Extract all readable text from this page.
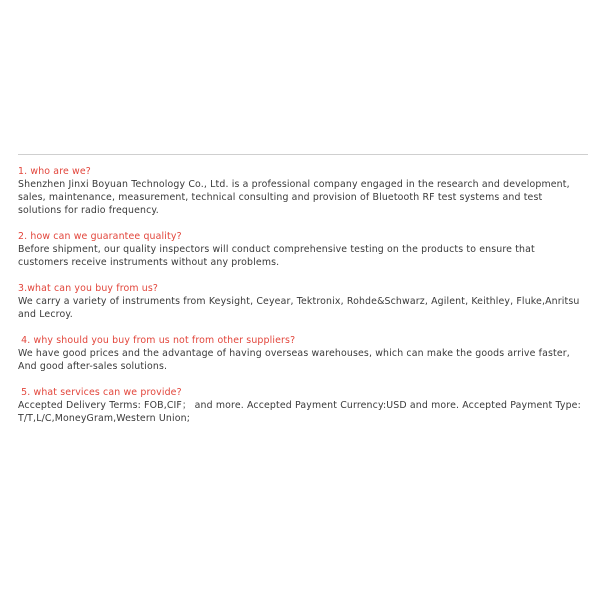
1. who are we?
Shenzhen Jinxi Boyuan Technology Co., Ltd. is a professional company engaged in the research and development, sales, maintenance, measurement, technical consulting and provision of Bluetooth RF test systems and test solutions for radio frequency.
2. how can we guarantee quality?
Before shipment, our quality inspectors will conduct comprehensive testing on the products to ensure that customers receive instruments without any problems.
3.what can you buy from us?
We carry a variety of instruments from Keysight, Ceyear, Tektronix, Rohde&Schwarz, Agilent, Keithley, Fluke,Anritsu and Lecroy.
4. why should you buy from us not from other suppliers?
We have good prices and the advantage of having overseas warehouses, which can make the goods arrive faster, And good after-sales solutions.
5. what services can we provide?
Accepted Delivery Terms: FOB,CIF； and more. Accepted Payment Currency:USD and more. Accepted Payment Type: T/T,L/C,MoneyGram,Western Union;
